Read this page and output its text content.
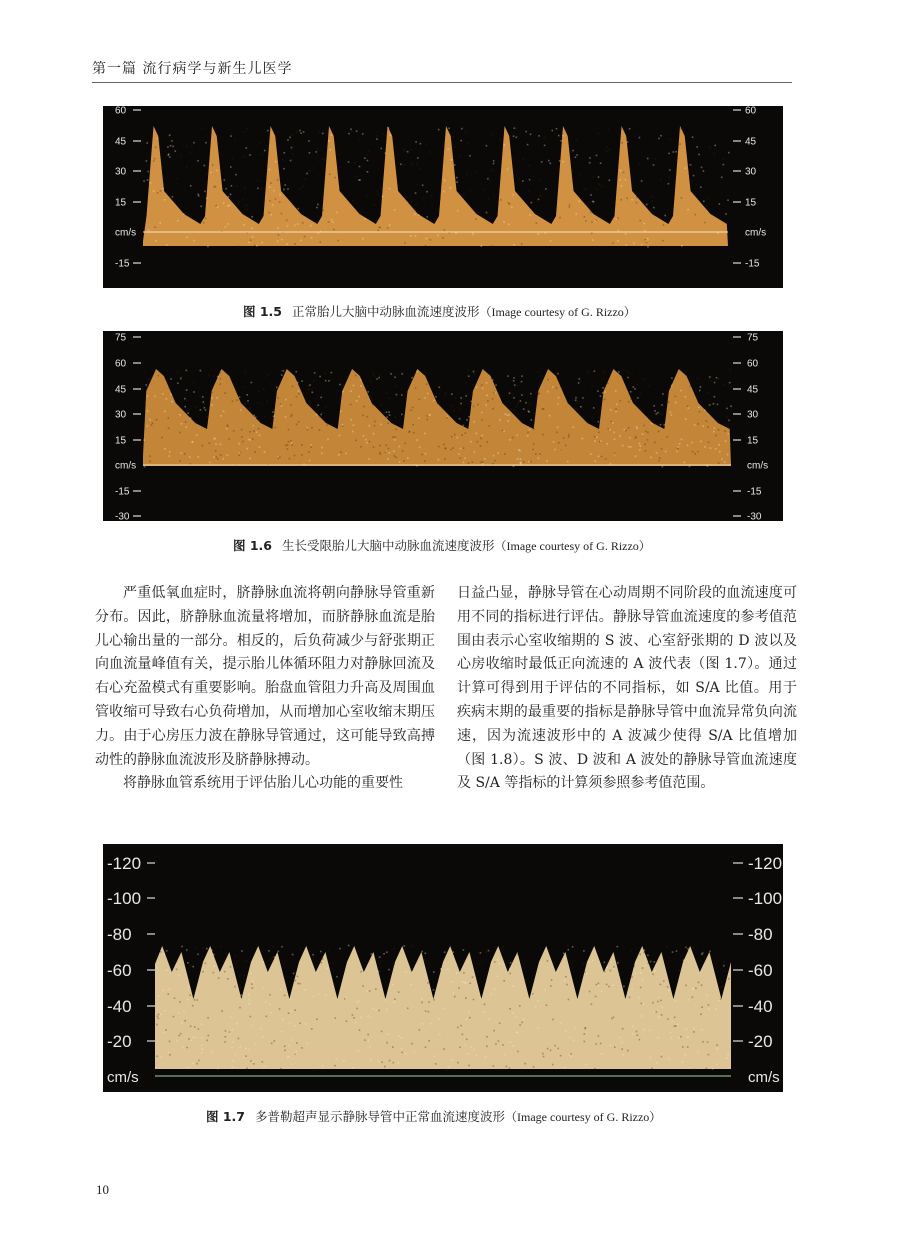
第一篇 流行病学与新生儿医学
60	60
45	45
30	30
15	15
-15	-15
cm/s	cm/s
图 1.5 正常胎儿大脑中动脉血流速度波形（Image courtesy of G. Rizzo）
75	75
60	60
45	45
30	30
15	15
-15	-15
-30	-30
cm/s	cm/s
图 1.6 生长受限胎儿大脑中动脉血流速度波形（Image courtesy of G. Rizzo）

严重低氧血症时，脐静脉血流将朝向静脉导管重新分布。因此，脐静脉血流量将增加，而脐静脉血流是胎儿心输出量的一部分。相反的，后负荷减少与舒张期正向血流量峰值有关，提示胎儿体循环阻力对静脉回流及右心充盈模式有重要影响。胎盘血管阻力升高及周围血管收缩可导致右心负荷增加，从而增加心室收缩末期压力。由于心房压力波在静脉导管通过，这可能导致高搏动性的静脉血流波形及脐静脉搏动。

将静脉血管系统用于评估胎儿心功能的重要性

日益凸显，静脉导管在心动周期不同阶段的血流速度可用不同的指标进行评估。静脉导管血流速度的参考值范围由表示心室收缩期的 S 波、心室舒张期的 D 波以及心房收缩时最低正向流速的 A 波代表（图 1.7）。通过计算可得到用于评估的不同指标，如 S/A 比值。用于疾病末期的最重要的指标是静脉导管中血流异常负向流速，因为流速波形中的 A 波减少使得 S/A 比值增加（图 1.8）。S 波、D 波和 A 波处的静脉导管血流速度及 S/A 等指标的计算须参照参考值范围。

-120	-120
-100	-100
-80	-80
-60	-60
-40	-40
-20	-20
cm/s	cm/s
图 1.7 多普勒超声显示静脉导管中正常血流速度波形（Image courtesy of G. Rizzo）
10
